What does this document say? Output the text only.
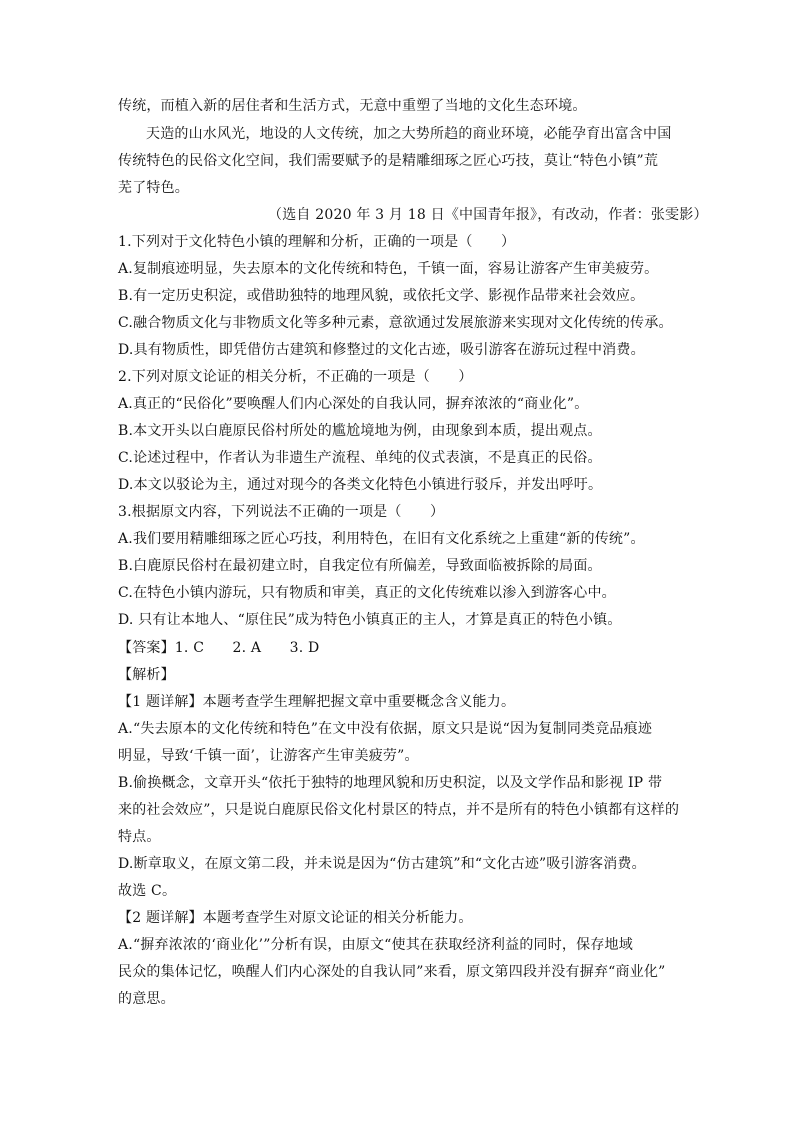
传统，而植入新的居住者和生活方式，无意中重塑了当地的文化生态环境。
天造的山水风光，地设的人文传统，加之大势所趋的商业环境，必能孕育出富含中国
传统特色的民俗文化空间，我们需要赋予的是精雕细琢之匠心巧技，莫让“特色小镇”荒
芜了特色。
（选自 2020 年 3 月 18 日《中国青年报》，有改动，作者：张雯影）
1.下列对于文化特色小镇的理解和分析，正确的一项是（　　）
A.复制痕迹明显，失去原本的文化传统和特色，千镇一面，容易让游客产生审美疲劳。
B.有一定历史积淀，或借助独特的地理风貌，或依托文学、影视作品带来社会效应。
C.融合物质文化与非物质文化等多种元素，意欲通过发展旅游来实现对文化传统的传承。
D.具有物质性，即凭借仿古建筑和修整过的文化古迹，吸引游客在游玩过程中消费。
2.下列对原文论证的相关分析，不正确的一项是（　　）
A.真正的“民俗化”要唤醒人们内心深处的自我认同，摒弃浓浓的“商业化”。
B.本文开头以白鹿原民俗村所处的尴尬境地为例，由现象到本质，提出观点。
C.论述过程中，作者认为非遗生产流程、单纯的仪式表演，不是真正的民俗。
D.本文以驳论为主，通过对现今的各类文化特色小镇进行驳斥，并发出呼吁。
3.根据原文内容，下列说法不正确的一项是（　　）
A.我们要用精雕细琢之匠心巧技，利用特色，在旧有文化系统之上重建“新的传统”。
B.白鹿原民俗村在最初建立时，自我定位有所偏差，导致面临被拆除的局面。
C.在特色小镇内游玩，只有物质和审美，真正的文化传统难以渗入到游客心中。
D. 只有让本地人、“原住民”成为特色小镇真正的主人，才算是真正的特色小镇。
【答案】1. C　　2. A　　3. D
【解析】
【1 题详解】本题考查学生理解把握文章中重要概念含义能力。
A.“失去原本的文化传统和特色”在文中没有依据，原文只是说“因为复制同类竞品痕迹
明显，导致‘千镇一面’，让游客产生审美疲劳”。
B.偷换概念，文章开头“依托于独特的地理风貌和历史积淀，以及文学作品和影视 IP 带
来的社会效应”，只是说白鹿原民俗文化村景区的特点，并不是所有的特色小镇都有这样的
特点。
D.断章取义，在原文第二段，并未说是因为“仿古建筑”和“文化古迹”吸引游客消费。
故选 C。
【2 题详解】本题考查学生对原文论证的相关分析能力。
A.“摒弃浓浓的‘商业化’”分析有误，由原文“使其在获取经济利益的同时，保存地域
民众的集体记忆，唤醒人们内心深处的自我认同”来看，原文第四段并没有摒弃“商业化”
的意思。
